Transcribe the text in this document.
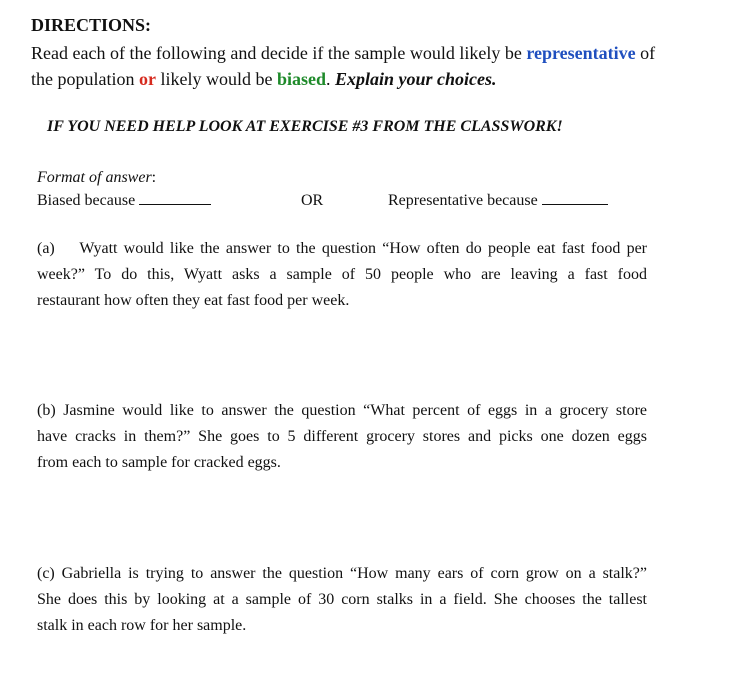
DIRECTIONS:
Read each of the following and decide if the sample would likely be representative of
the population or likely would be biased. Explain your choices.
IF YOU NEED HELP LOOK AT EXERCISE #3 FROM THE CLASSWORK!
Format of answer:
Biased because	OR	Representative because
(a)    Wyatt would like the answer to the question “How often do people eat fast food per
week?” To do this, Wyatt asks a sample of 50 people who are leaving a fast food
restaurant how often they eat fast food per week.
(b) Jasmine would like to answer the question “What percent of eggs in a grocery store
have cracks in them?” She goes to 5 different grocery stores and picks one dozen eggs
from each to sample for cracked eggs.
(c) Gabriella is trying to answer the question “How many ears of corn grow on a stalk?”
She does this by looking at a sample of 30 corn stalks in a field. She chooses the tallest
stalk in each row for her sample.
